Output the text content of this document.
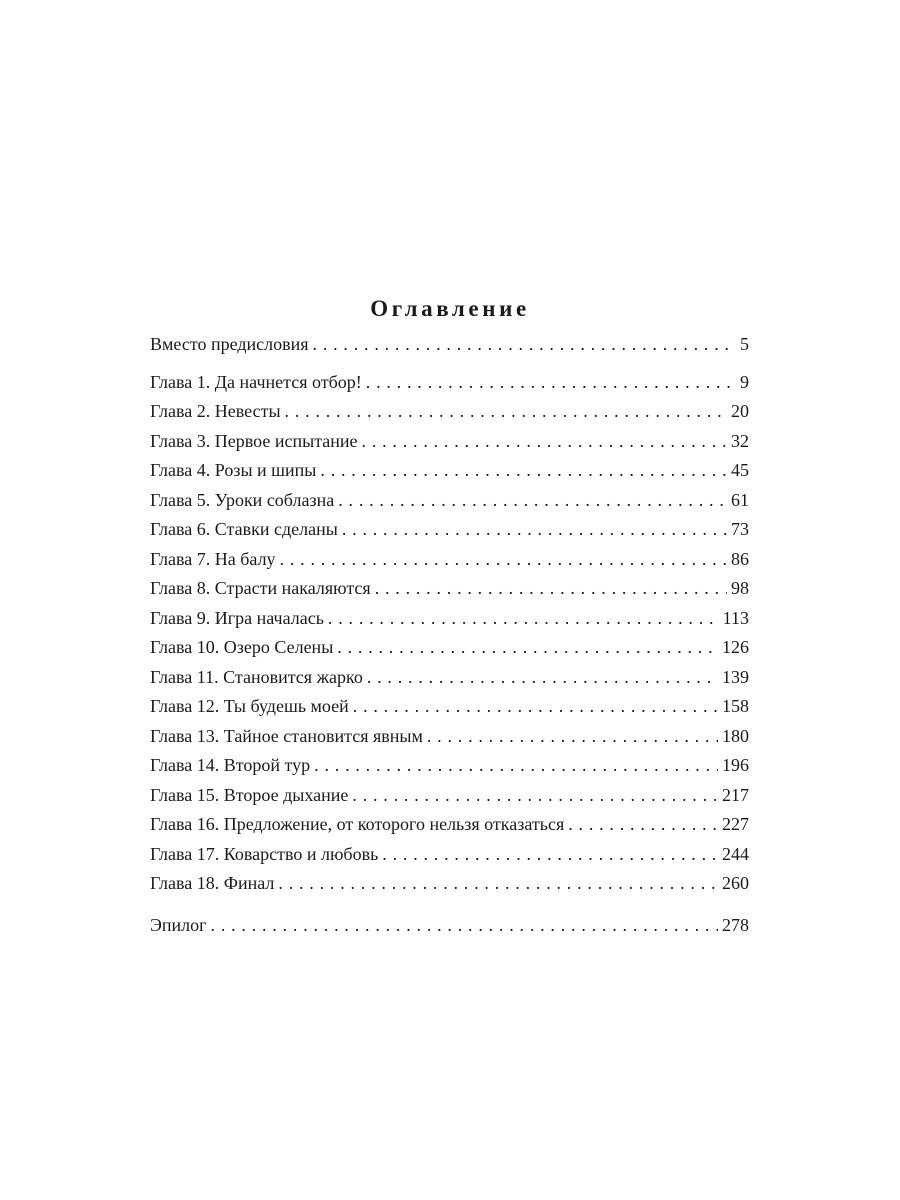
Оглавление
Вместо предисловия . . .	5
Глава 1. Да начнется отбор! . . .	9
Глава 2. Невесты . . .	20
Глава 3. Первое испытание . . .	32
Глава 4. Розы и шипы . . .	45
Глава 5. Уроки соблазна . . .	61
Глава 6. Ставки сделаны . . .	73
Глава 7. На балу . . .	86
Глава 8. Страсти накаляются . . .	98
Глава 9. Игра началась . . .	113
Глава 10. Озеро Селены . . .	126
Глава 11. Становится жарко . . .	139
Глава 12. Ты будешь моей . . .	158
Глава 13. Тайное становится явным . . .	180
Глава 14. Второй тур . . .	196
Глава 15. Второе дыхание . . .	217
Глава 16. Предложение, от которого нельзя отказаться . . .	227
Глава 17. Коварство и любовь . . .	244
Глава 18. Финал . . .	260
Эпилог . . .	278
